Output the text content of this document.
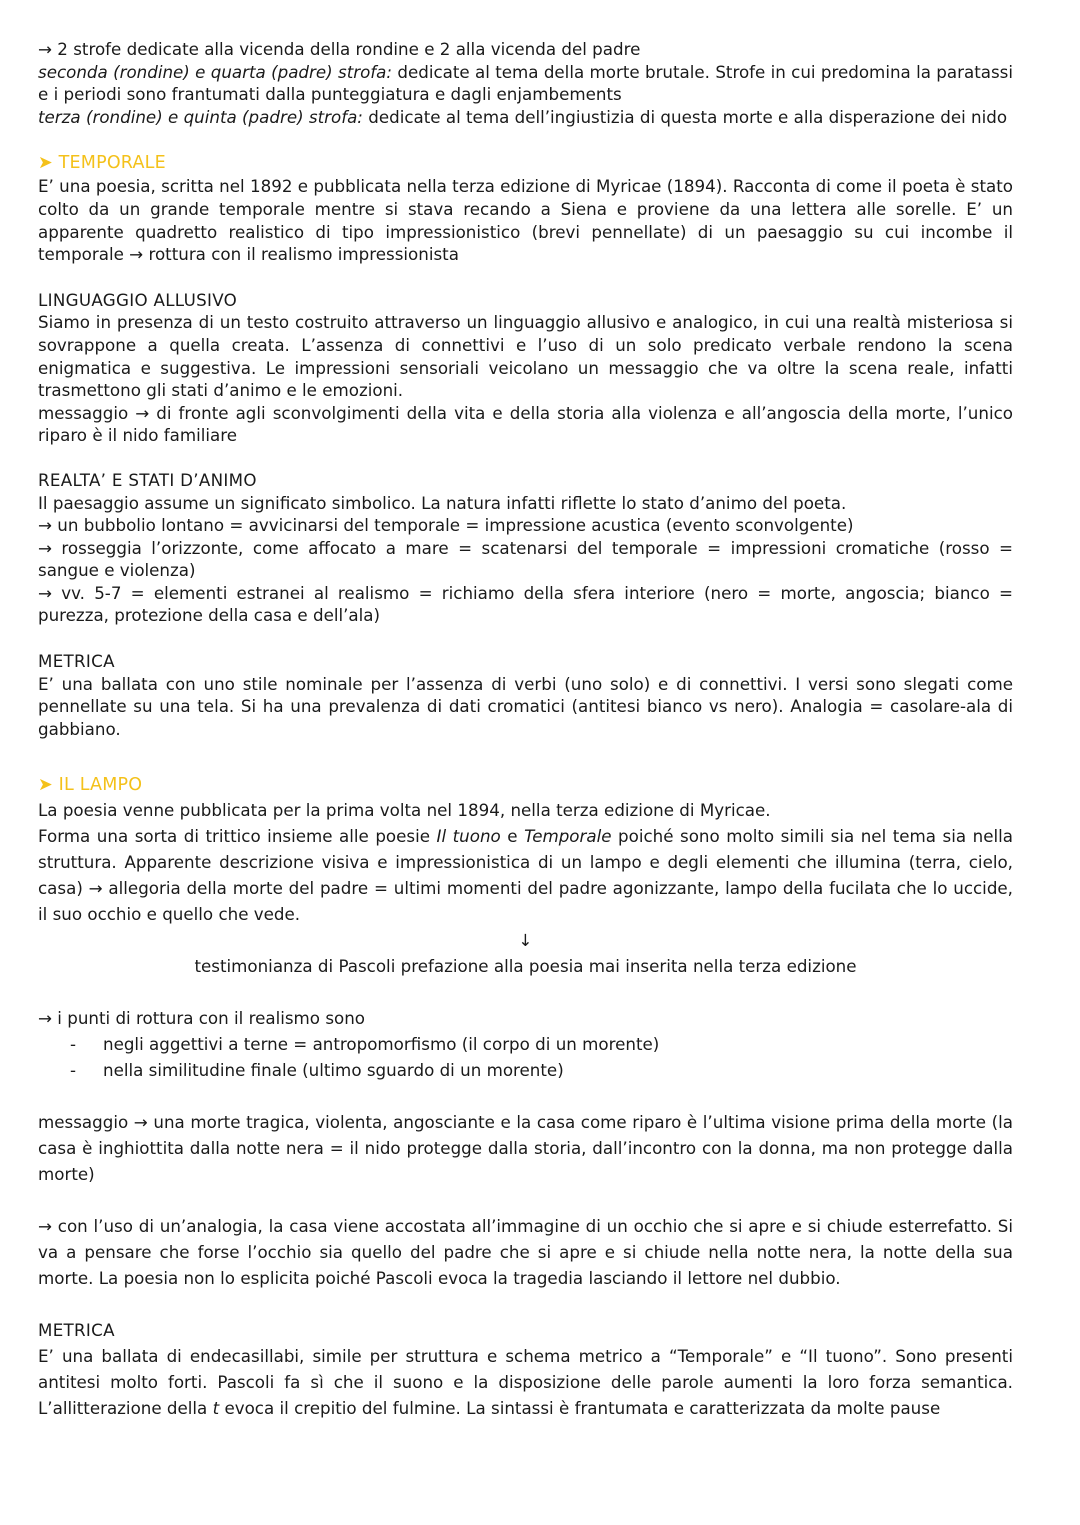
→ 2 strofe dedicate alla vicenda della rondine e 2 alla vicenda del padre

seconda (rondine) e quarta (padre) strofa: dedicate al tema della morte brutale. Strofe in cui predomina la paratassi e i periodi sono frantumati dalla punteggiatura e dagli enjambements

terza (rondine) e quinta (padre) strofa: dedicate al tema dell’ingiustizia di questa morte e alla disperazione dei nido

➤ TEMPORALE

E’ una poesia, scritta nel 1892 e pubblicata nella terza edizione di Myricae (1894). Racconta di come il poeta è stato colto da un grande temporale mentre si stava recando a Siena e proviene da una lettera alle sorelle. E’ un apparente quadretto realistico di tipo impressionistico (brevi pennellate) di un paesaggio su cui incombe il temporale → rottura con il realismo impressionista

LINGUAGGIO ALLUSIVO

Siamo in presenza di un testo costruito attraverso un linguaggio allusivo e analogico, in cui una realtà misteriosa si sovrappone a quella creata. L’assenza di connettivi e l’uso di un solo predicato verbale rendono la scena enigmatica e suggestiva. Le impressioni sensoriali veicolano un messaggio che va oltre la scena reale, infatti trasmettono gli stati d’animo e le emozioni.

messaggio → di fronte agli sconvolgimenti della vita e della storia alla violenza e all’angoscia della morte, l’unico riparo è il nido familiare

REALTA’ E STATI D’ANIMO

Il paesaggio assume un significato simbolico. La natura infatti riflette lo stato d’animo del poeta.

→ un bubbolio lontano = avvicinarsi del temporale = impressione acustica (evento sconvolgente)

→ rosseggia l’orizzonte, come affocato a mare = scatenarsi del temporale = impressioni cromatiche (rosso = sangue e violenza)

→ vv. 5-7 = elementi estranei al realismo = richiamo della sfera interiore (nero = morte, angoscia; bianco = purezza, protezione della casa e dell’ala)

METRICA

E’ una ballata con uno stile nominale per l’assenza di verbi (uno solo) e di connettivi. I versi sono slegati come pennellate su una tela. Si ha una prevalenza di dati cromatici (antitesi bianco vs nero). Analogia = casolare-ala di gabbiano.

➤ IL LAMPO

La poesia venne pubblicata per la prima volta nel 1894, nella terza edizione di Myricae.

Forma una sorta di trittico insieme alle poesie Il tuono e Temporale poiché sono molto simili sia nel tema sia nella struttura. Apparente descrizione visiva e impressionistica di un lampo e degli elementi che illumina (terra, cielo, casa) → allegoria della morte del padre = ultimi momenti del padre agonizzante, lampo della fucilata che lo uccide, il suo occhio e quello che vede.

↓

testimonianza di Pascoli prefazione alla poesia mai inserita nella terza edizione

→ i punti di rottura con il realismo sono

- negli aggettivi a terne = antropomorfismo (il corpo di un morente)
- nella similitudine finale (ultimo sguardo di un morente)

messaggio → una morte tragica, violenta, angosciante e la casa come riparo è l’ultima visione prima della morte (la casa è inghiottita dalla notte nera = il nido protegge dalla storia, dall’incontro con la donna, ma non protegge dalla morte)

→ con l’uso di un’analogia, la casa viene accostata all’immagine di un occhio che si apre e si chiude esterrefatto. Si va a pensare che forse l’occhio sia quello del padre che si apre e si chiude nella notte nera, la notte della sua morte. La poesia non lo esplicita poiché Pascoli evoca la tragedia lasciando il lettore nel dubbio.

METRICA

E’ una ballata di endecasillabi, simile per struttura e schema metrico a “Temporale” e “Il tuono”. Sono presenti antitesi molto forti. Pascoli fa sì che il suono e la disposizione delle parole aumenti la loro forza semantica. L’allitterazione della t evoca il crepitio del fulmine. La sintassi è frantumata e caratterizzata da molte pause
